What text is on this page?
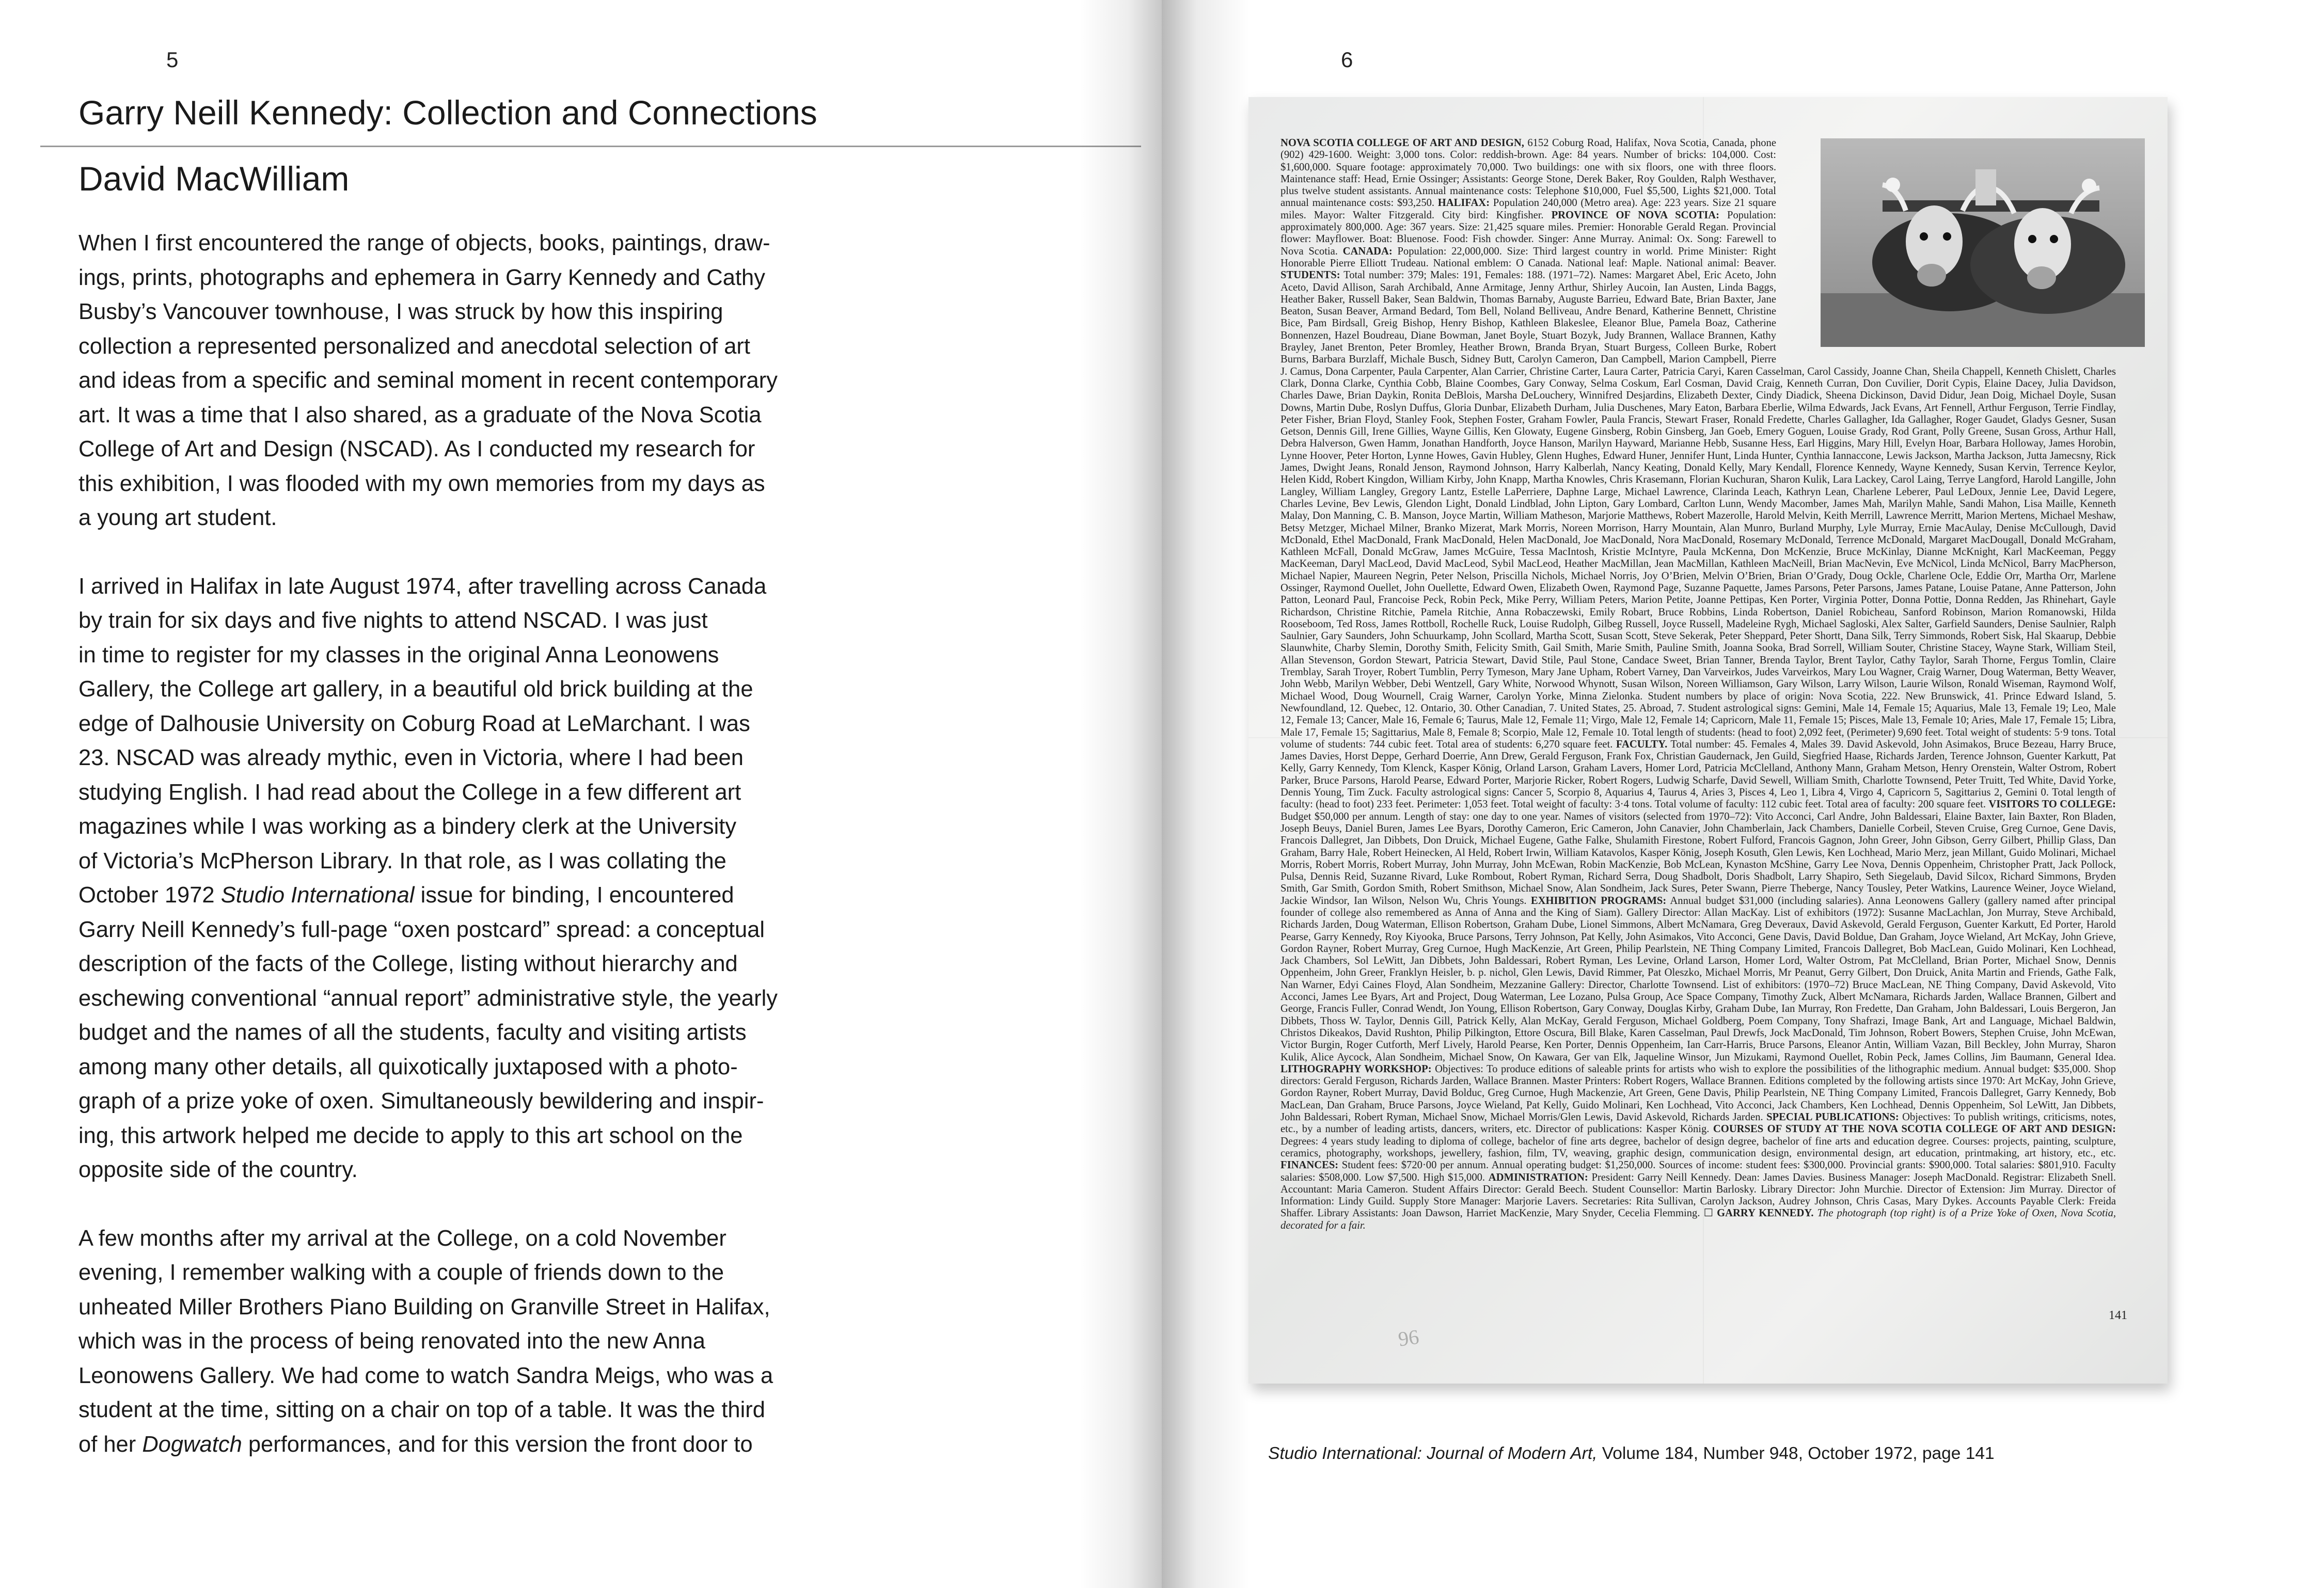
5
Garry Neill Kennedy: Collection and Connections
David MacWilliam

When I first encountered the range of objects, books, paintings, draw-
ings, prints, photographs and ephemera in Garry Kennedy and Cathy
Busby’s Vancouver townhouse, I was struck by how this inspiring
collection a represented personalized and anecdotal selection of art
and ideas from a specific and seminal moment in recent contemporary
art. It was a time that I also shared, as a graduate of the Nova Scotia
College of Art and Design (NSCAD). As I conducted my research for
this exhibition, I was flooded with my own memories from my days as
a young art student.

I arrived in Halifax in late August 1974, after travelling across Canada
by train for six days and five nights to attend NSCAD. I was just
in time to register for my classes in the original Anna Leonowens
Gallery, the College art gallery, in a beautiful old brick building at the
edge of Dalhousie University on Coburg Road at LeMarchant. I was
23. NSCAD was already mythic, even in Victoria, where I had been
studying English. I had read about the College in a few different art
magazines while I was working as a bindery clerk at the University
of Victoria’s McPherson Library. In that role, as I was collating the
October 1972 Studio International issue for binding, I encountered
Garry Neill Kennedy’s full-page “oxen postcard” spread: a conceptual
description of the facts of the College, listing without hierarchy and
eschewing conventional “annual report” administrative style, the yearly
budget and the names of all the students, faculty and visiting artists
among many other details, all quixotically juxtaposed with a photo-
graph of a prize yoke of oxen. Simultaneously bewildering and inspir-
ing, this artwork helped me decide to apply to this art school on the
opposite side of the country.

A few months after my arrival at the College, on a cold November
evening, I remember walking with a couple of friends down to the
unheated Miller Brothers Piano Building on Granville Street in Halifax,
which was in the process of being renovated into the new Anna
Leonowens Gallery. We had come to watch Sandra Meigs, who was a
student at the time, sitting on a chair on top of a table. It was the third
of her Dogwatch performances, and for this version the front door to

6
NOVA SCOTIA COLLEGE OF ART AND DESIGN, 6152 Coburg Road, Halifax, Nova Scotia, Canada, phone (902) 429-1600. Weight: 3,000 tons. Color: reddish-brown. Age: 84 years. Number of bricks: 104,000. Cost: $1,600,000. Square footage: approximately 70,000. Two buildings: one with six floors, one with three floors. Maintenance staff: Head, Ernie Ossinger; Assistants: George Stone, Derek Baker, Roy Goulden, Ralph Westhaver, plus twelve student assistants. Annual maintenance costs: Telephone $10,000, Fuel $5,500, Lights $21,000. Total annual maintenance costs: $93,250. HALIFAX: Population 240,000 (Metro area). Age: 223 years. Size 21 square miles. Mayor: Walter Fitzgerald. City bird: Kingfisher. PROVINCE OF NOVA SCOTIA: Population: approximately 800,000. Age: 367 years. Size: 21,425 square miles. Premier: Honorable Gerald Regan. Provincial flower: Mayflower. Boat: Bluenose. Food: Fish chowder. Singer: Anne Murray. Animal: Ox. Song: Farewell to Nova Scotia. CANADA: Population: 22,000,000. Size: Third largest country in world. Prime Minister: Right Honorable Pierre Elliott Trudeau. National emblem: O Canada. National leaf: Maple. National animal: Beaver. STUDENTS: Total number: 379; Males: 191, Females: 188. (1971–72). Names: Margaret Abel, Eric Aceto, John Aceto, David Allison, Sarah Archibald, Anne Armitage, Jenny Arthur, Shirley Aucoin, Ian Austen, Linda Baggs, Heather Baker, Russell Baker, Sean Baldwin, Thomas Barnaby, Auguste Barrieu, Edward Bate, Brian Baxter, Jane Beaton, Susan Beaver, Armand Bedard, Tom Bell, Noland Belliveau, Andre Benard, Katherine Bennett, Christine Bice, Pam Birdsall, Greig Bishop, Henry Bishop, Kathleen Blakeslee, Eleanor Blue, Pamela Boaz, Catherine Bonnenzen, Hazel Boudreau, Diane Bowman, Janet Boyle, Stuart Bozyk, Judy Brannen, Wallace Brannen, Kathy Brayley, Janet Brenton, Peter Bromley, Heather Brown, Branda Bryan, Stuart Burgess, Colleen Burke, Robert Burns, Barbara Burzlaff, Michale Busch, Sidney Butt, Carolyn Cameron, Dan Campbell, Marion Campbell, Pierre J. Camus, Dona Carpenter, Paula Carpenter, Alan Carrier, Christine Carter, Laura Carter, Patricia Caryi, Karen Casselman, Carol Cassidy, Joanne Chan, Sheila Chappell, Kenneth Chislett, Charles Clark, Donna Clarke, Cynthia Cobb, Blaine Coombes, Gary Conway, Selma Coskum, Earl Cosman, David Craig, Kenneth Curran, Don Cuvilier, Dorit Cypis, Elaine Dacey, Julia Davidson, Charles Dawe, Brian Daykin, Ronita DeBlois, Marsha DeLouchery, Winnifred Desjardins, Elizabeth Dexter, Cindy Diadick, Sheena Dickinson, David Didur, Jean Doig, Michael Doyle, Susan Downs, Martin Dube, Roslyn Duffus, Gloria Dunbar, Elizabeth Durham, Julia Duschenes, Mary Eaton, Barbara Eberlie, Wilma Edwards, Jack Evans, Art Fennell, Arthur Ferguson, Terrie Findlay, Peter Fisher, Brian Floyd, Stanley Fook, Stephen Foster, Graham Fowler, Paula Francis, Stewart Fraser, Ronald Fredette, Charles Gallagher, Ida Gallagher, Roger Gaudet, Gladys Gesner, Susan Getson, Dennis Gill, Irene Gillies, Wayne Gillis, Ken Glowaty, Eugene Ginsberg, Robin Ginsberg, Jan Goeb, Emery Goguen, Louise Grady, Rod Grant, Polly Greene, Susan Gross, Arthur Hall, Debra Halverson, Gwen Hamm, Jonathan Handforth, Joyce Hanson, Marilyn Hayward, Marianne Hebb, Susanne Hess, Earl Higgins, Mary Hill, Evelyn Hoar, Barbara Holloway, James Horobin, Lynne Hoover, Peter Horton, Lynne Howes, Gavin Hubley, Glenn Hughes, Edward Huner, Jennifer Hunt, Linda Hunter, Cynthia Iannaccone, Lewis Jackson, Martha Jackson, Jutta Jamecsny, Rick James, Dwight Jeans, Ronald Jenson, Raymond Johnson, Harry Kalberlah, Nancy Keating, Donald Kelly, Mary Kendall, Florence Kennedy, Wayne Kennedy, Susan Kervin, Terrence Keylor, Helen Kidd, Robert Kingdon, William Kirby, John Knapp, Martha Knowles, Chris Krasemann, Florian Kuchuran, Sharon Kulik, Lara Lackey, Carol Laing, Terrye Langford, Harold Langille, John Langley, William Langley, Gregory Lantz, Estelle LaPerriere, Daphne Large, Michael Lawrence, Clarinda Leach, Kathryn Lean, Charlene Leberer, Paul LeDoux, Jennie Lee, David Legere, Charles Levine, Bev Lewis, Glendon Light, Donald Lindblad, John Lipton, Gary Lombard, Carlton Lunn, Wendy Macomber, James Mah, Marilyn Mahle, Sandi Mahon, Lisa Maille, Kenneth Malay, Don Manning, C. B. Manson, Joyce Martin, William Matheson, Marjorie Matthews, Robert Mazerolle, Harold Melvin, Keith Merrill, Lawrence Merritt, Marion Mertens, Michael Meshaw, Betsy Metzger, Michael Milner, Branko Mizerat, Mark Morris, Noreen Morrison, Harry Mountain, Alan Munro, Burland Murphy, Lyle Murray, Ernie MacAulay, Denise McCullough, David McDonald, Ethel MacDonald, Frank MacDonald, Helen MacDonald, Joe MacDonald, Nora MacDonald, Rosemary McDonald, Terrence McDonald, Margaret MacDougall, Donald McGraham, Kathleen McFall, Donald McGraw, James McGuire, Tessa MacIntosh, Kristie McIntyre, Paula McKenna, Don McKenzie, Bruce McKinlay, Dianne McKnight, Karl MacKeeman, Peggy MacKeeman, Daryl MacLeod, David MacLeod, Sybil MacLeod, Heather MacMillan, Jean MacMillan, Kathleen MacNeill, Brian MacNevin, Eve McNicol, Linda McNicol, Barry MacPherson, Michael Napier, Maureen Negrin, Peter Nelson, Priscilla Nichols, Michael Norris, Joy O’Brien, Melvin O’Brien, Brian O’Grady, Doug Ockle, Charlene Ocle, Eddie Orr, Martha Orr, Marlene Ossinger, Raymond Ouellet, John Ouellette, Edward Owen, Elizabeth Owen, Raymond Page, Suzanne Paquette, James Parsons, Peter Parsons, James Patane, Louise Patane, Anne Patterson, John Patton, Leonard Paul, Francoise Peck, Robin Peck, Mike Perry, William Peters, Marion Petite, Joanne Pettipas, Ken Porter, Virginia Potter, Donna Pottie, Donna Redden, Jas Rhinehart, Gayle Richardson, Christine Ritchie, Pamela Ritchie, Anna Robaczewski, Emily Robart, Bruce Robbins, Linda Robertson, Daniel Robicheau, Sanford Robinson, Marion Romanowski, Hilda Rooseboom, Ted Ross, James Rottboll, Rochelle Ruck, Louise Rudolph, Gilbeg Russell, Joyce Russell, Madeleine Rygh, Michael Sagloski, Alex Salter, Garfield Saunders, Denise Saulnier, Ralph Saulnier, Gary Saunders, John Schuurkamp, John Scollard, Martha Scott, Susan Scott, Steve Sekerak, Peter Sheppard, Peter Shortt, Dana Silk, Terry Simmonds, Robert Sisk, Hal Skaarup, Debbie Slaunwhite, Charby Slemin, Dorothy Smith, Felicity Smith, Gail Smith, Marie Smith, Pauline Smith, Joanna Sooka, Brad Sorrell, William Souter, Christine Stacey, Wayne Stark, William Steil, Allan Stevenson, Gordon Stewart, Patricia Stewart, David Stile, Paul Stone, Candace Sweet, Brian Tanner, Brenda Taylor, Brent Taylor, Cathy Taylor, Sarah Thorne, Fergus Tomlin, Claire Tremblay, Sarah Troyer, Robert Tumblin, Perry Tymeson, Mary Jane Upham, Robert Varney, Dan Varveirkos, Judes Varveirkos, Mary Lou Wagner, Craig Warner, Doug Waterman, Betty Weaver, John Webb, Marilyn Webber, Debi Wentzell, Gary White, Norwood Whynott, Susan Wilson, Noreen Williamson, Gary Wilson, Larry Wilson, Laurie Wilson, Ronald Wiseman, Raymond Wolf, Michael Wood, Doug Wournell, Craig Warner, Carolyn Yorke, Minna Zielonka. Student numbers by place of origin: Nova Scotia, 222. New Brunswick, 41. Prince Edward Island, 5. Newfoundland, 12. Quebec, 12. Ontario, 30. Other Canadian, 7. United States, 25. Abroad, 7. Student astrological signs: Gemini, Male 14, Female 15; Aquarius, Male 13, Female 19; Leo, Male 12, Female 13; Cancer, Male 16, Female 6; Taurus, Male 12, Female 11; Virgo, Male 12, Female 14; Capricorn, Male 11, Female 15; Pisces, Male 13, Female 10; Aries, Male 17, Female 15; Libra, Male 17, Female 15; Sagittarius, Male 8, Female 8; Scorpio, Male 12, Female 10. Total length of students: (head to foot) 2,092 feet, (Perimeter) 9,690 feet. Total weight of students: 5·9 tons. Total volume of students: 744 cubic feet. Total area of students: 6,270 square feet. FACULTY. Total number: 45. Females 4, Males 39. David Askevold, John Asimakos, Bruce Bezeau, Harry Bruce, James Davies, Horst Deppe, Gerhard Doerrie, Ann Drew, Gerald Ferguson, Frank Fox, Christian Gaudernack, Jen Guild, Siegfried Haase, Richards Jarden, Terence Johnson, Guenter Karkutt, Pat Kelly, Garry Kennedy, Tom Klenck, Kasper König, Orland Larson, Graham Lavers, Homer Lord, Patricia McClelland, Anthony Mann, Graham Metson, Henry Orenstein, Walter Ostrom, Robert Parker, Bruce Parsons, Harold Pearse, Edward Porter, Marjorie Ricker, Robert Rogers, Ludwig Scharfe, David Sewell, William Smith, Charlotte Townsend, Peter Truitt, Ted White, David Yorke, Dennis Young, Tim Zuck. Faculty astrological signs: Cancer 5, Scorpio 8, Aquarius 4, Taurus 4, Aries 3, Pisces 4, Leo 1, Libra 4, Virgo 4, Capricorn 5, Sagittarius 2, Gemini 0. Total length of faculty: (head to foot) 233 feet. Perimeter: 1,053 feet. Total weight of faculty: 3·4 tons. Total volume of faculty: 112 cubic feet. Total area of faculty: 200 square feet. VISITORS TO COLLEGE: Budget $50,000 per annum. Length of stay: one day to one year. Names of visitors (selected from 1970–72): Vito Acconci, Carl Andre, John Baldessari, Elaine Baxter, Iain Baxter, Ron Bladen, Joseph Beuys, Daniel Buren, James Lee Byars, Dorothy Cameron, Eric Cameron, John Canavier, John Chamberlain, Jack Chambers, Danielle Corbeil, Steven Cruise, Greg Curnoe, Gene Davis, Francois Dallegret, Jan Dibbets, Don Druick, Michael Eugene, Gathe Falke, Shulamith Firestone, Robert Fulford, Francois Gagnon, John Greer, John Gibson, Gerry Gilbert, Phillip Glass, Dan Graham, Barry Hale, Robert Heinecken, Al Held, Robert Irwin, William Katavolos, Kasper König, Joseph Kosuth, Glen Lewis, Ken Lochhead, Mario Merz, jean Millant, Guido Molinari, Michael Morris, Robert Morris, Robert Murray, John Murray, John McEwan, Robin MacKenzie, Bob McLean, Kynaston McShine, Garry Lee Nova, Dennis Oppenheim, Christopher Pratt, Jack Pollock, Pulsa, Dennis Reid, Suzanne Rivard, Luke Rombout, Robert Ryman, Richard Serra, Doug Shadbolt, Doris Shadbolt, Larry Shapiro, Seth Siegelaub, David Silcox, Richard Simmons, Bryden Smith, Gar Smith, Gordon Smith, Robert Smithson, Michael Snow, Alan Sondheim, Jack Sures, Peter Swann, Pierre Theberge, Nancy Tousley, Peter Watkins, Laurence Weiner, Joyce Wieland, Jackie Windsor, Ian Wilson, Nelson Wu, Chris Youngs. EXHIBITION PROGRAMS: Annual budget $31,000 (including salaries). Anna Leonowens Gallery (gallery named after principal founder of college also remembered as Anna of Anna and the King of Siam). Gallery Director: Allan MacKay. List of exhibitors (1972): Susanne MacLachlan, Jon Murray, Steve Archibald, Richards Jarden, Doug Waterman, Ellison Robertson, Graham Dube, Lionel Simmons, Albert McNamara, Greg Deveraux, David Askevold, Gerald Ferguson, Guenter Karkutt, Ed Porter, Harold Pearse, Garry Kennedy, Roy Kiyooka, Bruce Parsons, Terry Johnson, Pat Kelly, John Asimakos, Vito Acconci, Gene Davis, David Boldue, Dan Graham, Joyce Wieland, Art McKay, John Grieve, Gordon Rayner, Robert Murray, Greg Curnoe, Hugh MacKenzie, Art Green, Philip Pearlstein, NE Thing Company Limited, Francois Dallegret, Bob MacLean, Guido Molinari, Ken Lochhead, Jack Chambers, Sol LeWitt, Jan Dibbets, John Baldessari, Robert Ryman, Les Levine, Orland Larson, Homer Lord, Walter Ostrom, Pat McClelland, Brian Porter, Michael Snow, Dennis Oppenheim, John Greer, Franklyn Heisler, b. p. nichol, Glen Lewis, David Rimmer, Pat Oleszko, Michael Morris, Mr Peanut, Gerry Gilbert, Don Druick, Anita Martin and Friends, Gathe Falk, Nan Warner, Edyi Caines Floyd, Alan Sondheim, Mezzanine Gallery: Director, Charlotte Townsend. List of exhibitors: (1970–72) Bruce MacLean, NE Thing Company, David Askevold, Vito Acconci, James Lee Byars, Art and Project, Doug Waterman, Lee Lozano, Pulsa Group, Ace Space Company, Timothy Zuck, Albert McNamara, Richards Jarden, Wallace Brannen, Gilbert and George, Francis Fuller, Conrad Wendt, Jon Young, Ellison Robertson, Gary Conway, Douglas Kirby, Graham Dube, Ian Murray, Ron Fredette, Dan Graham, John Baldessari, Louis Bergeron, Jan Dibbets, Thoss W. Taylor, Dennis Gill, Patrick Kelly, Alan McKay, Gerald Ferguson, Michael Goldberg, Poem Company, Tony Shafrazi, Image Bank, Art and Language, Michael Baldwin, Christos Dikeakos, David Rushton, Philip Pilkington, Ettore Oscura, Bill Blake, Karen Casselman, Paul Drewfs, Jock MacDonald, Tim Johnson, Robert Bowers, Stephen Cruise, John McEwan, Victor Burgin, Roger Cutforth, Merf Lively, Harold Pearse, Ken Porter, Dennis Oppenheim, Ian Carr-Harris, Bruce Parsons, Eleanor Antin, William Vazan, Bill Beckley, John Murray, Sharon Kulik, Alice Aycock, Alan Sondheim, Michael Snow, On Kawara, Ger van Elk, Jaqueline Winsor, Jun Mizukami, Raymond Ouellet, Robin Peck, James Collins, Jim Baumann, General Idea. LITHOGRAPHY WORKSHOP: Objectives: To produce editions of saleable prints for artists who wish to explore the possibilities of the lithographic medium. Annual budget: $35,000. Shop directors: Gerald Ferguson, Richards Jarden, Wallace Brannen. Master Printers: Robert Rogers, Wallace Brannen. Editions completed by the following artists since 1970: Art McKay, John Grieve, Gordon Rayner, Robert Murray, David Bolduc, Greg Curnoe, Hugh Mackenzie, Art Green, Gene Davis, Philip Pearlstein, NE Thing Company Limited, Francois Dallegret, Garry Kennedy, Bob MacLean, Dan Graham, Bruce Parsons, Joyce Wieland, Pat Kelly, Guido Molinari, Ken Lochhead, Vito Acconci, Jack Chambers, Ken Lochhead, Dennis Oppenheim, Sol LeWitt, Jan Dibbets, John Baldessari, Robert Ryman, Michael Snow, Michael Morris/Glen Lewis, David Askevold, Richards Jarden. SPECIAL PUBLICATIONS: Objectives: To publish writings, criticisms, notes, etc., by a number of leading artists, dancers, writers, etc. Director of publications: Kasper König. COURSES OF STUDY AT THE NOVA SCOTIA COLLEGE OF ART AND DESIGN: Degrees: 4 years study leading to diploma of college, bachelor of fine arts degree, bachelor of design degree, bachelor of fine arts and education degree. Courses: projects, painting, sculpture, ceramics, photography, workshops, jewellery, fashion, film, TV, weaving, graphic design, communication design, environmental design, art education, printmaking, art history, etc., etc. FINANCES: Student fees: $720·00 per annum. Annual operating budget: $1,250,000. Sources of income: student fees: $300,000. Provincial grants: $900,000. Total salaries: $801,910. Faculty salaries: $508,000. Low $7,500. High $15,000. ADMINISTRATION: President: Garry Neill Kennedy. Dean: James Davies. Business Manager: Joseph MacDonald. Registrar: Elizabeth Snell. Accountant: Maria Cameron. Student Affairs Director: Gerald Beech. Student Counsellor: Martin Barlosky. Library Director: John Murchie. Director of Extension: Jim Murray. Director of Information: Lindy Guild. Supply Store Manager: Marjorie Lavers. Secretaries: Rita Sullivan, Carolyn Jackson, Audrey Johnson, Chris Casas, Mary Dykes. Accounts Payable Clerk: Freida Shaffer. Library Assistants: Joan Dawson, Harriet MacKenzie, Mary Snyder, Cecelia Flemming. ☐ GARRY KENNEDY. The photograph (top right) is of a Prize Yoke of Oxen, Nova Scotia, decorated for a fair.
96
141
Studio International: Journal of Modern Art, Volume 184, Number 948, October 1972, page 141
